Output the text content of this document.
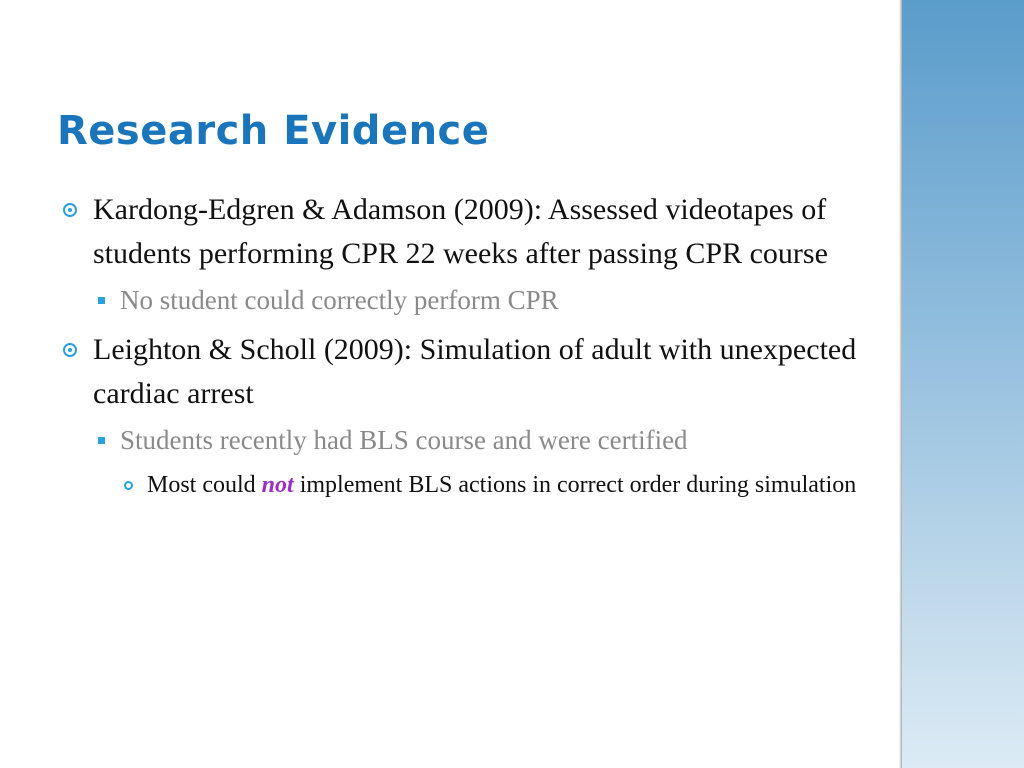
Research Evidence
Kardong-Edgren & Adamson (2009): Assessed videotapes of students performing CPR 22 weeks after passing CPR course
No student could correctly perform CPR
Leighton & Scholl (2009): Simulation of adult with unexpected cardiac arrest
Students recently had BLS course and were certified
Most could not implement BLS actions in correct order during simulation
